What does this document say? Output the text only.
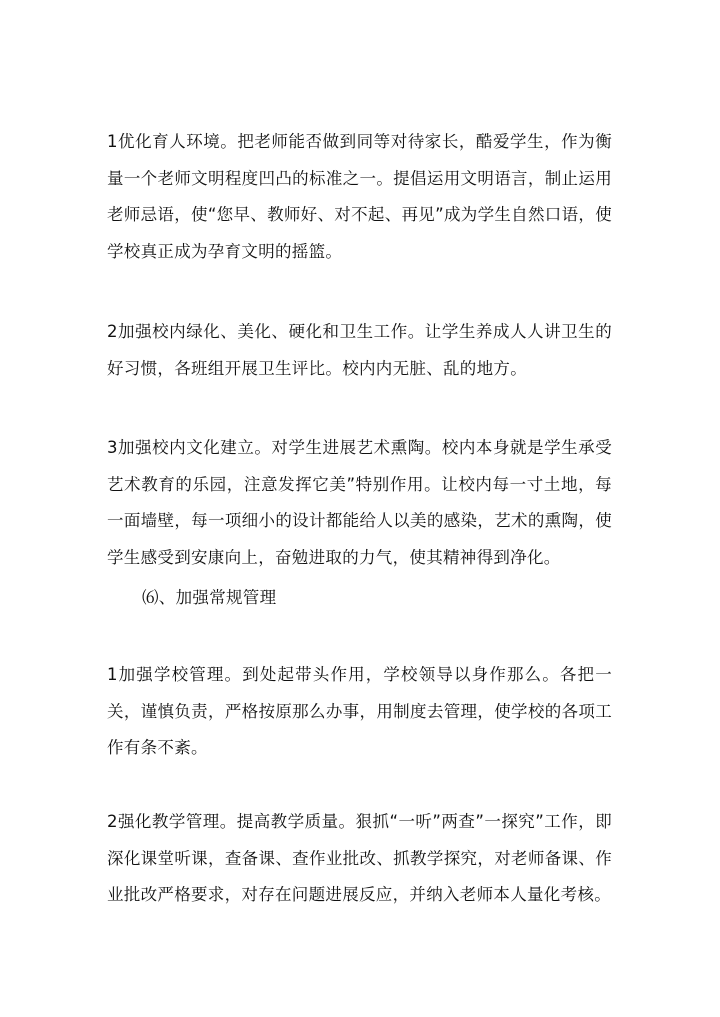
1优化育人环境。把老师能否做到同等对待家长，酷爱学生，作为衡量一个老师文明程度凹凸的标准之一。提倡运用文明语言，制止运用老师忌语，使“您早、教师好、对不起、再见”成为学生自然口语，使学校真正成为孕育文明的摇篮。

2加强校内绿化、美化、硬化和卫生工作。让学生养成人人讲卫生的好习惯，各班组开展卫生评比。校内内无脏、乱的地方。

3加强校内文化建立。对学生进展艺术熏陶。校内本身就是学生承受艺术教育的乐园，注意发挥它美”特别作用。让校内每一寸土地，每一面墙壁，每一项细小的设计都能给人以美的感染，艺术的熏陶，使学生感受到安康向上，奋勉进取的力气，使其精神得到净化。

⑹、加强常规管理

1加强学校管理。到处起带头作用，学校领导以身作那么。各把一关，谨慎负责，严格按原那么办事，用制度去管理，使学校的各项工作有条不紊。

2强化教学管理。提高教学质量。狠抓“一听”两查”一探究”工作，即深化课堂听课，查备课、查作业批改、抓教学探究，对老师备课、作业批改严格要求，对存在问题进展反应，并纳入老师本人量化考核。
